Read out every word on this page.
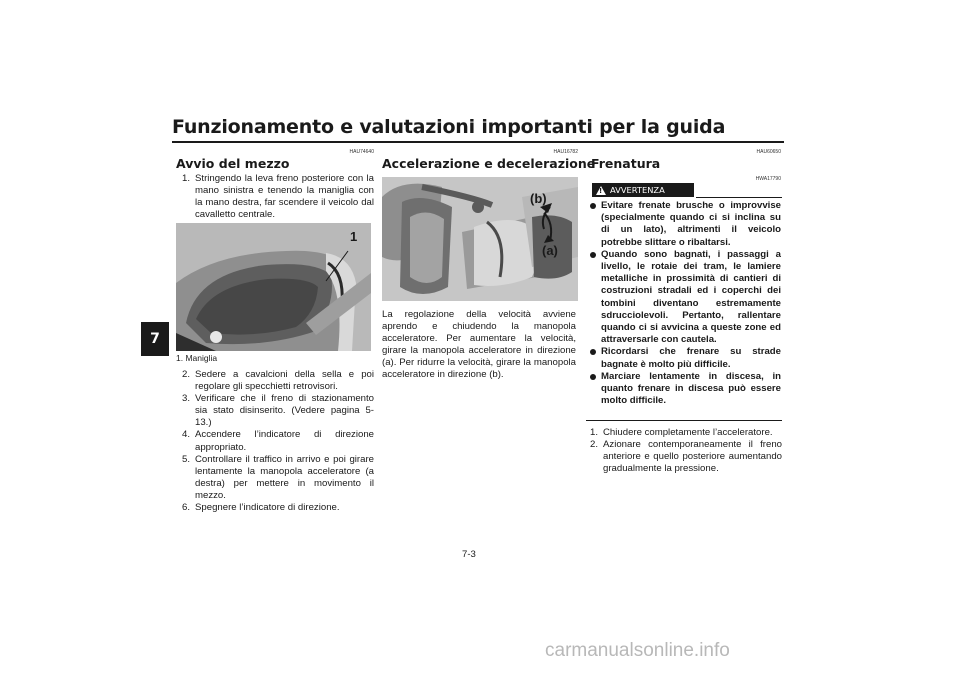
Funzionamento e valutazioni importanti per la guida
7
HAU74640
Avvio del mezzo
1. Stringendo la leva freno posteriore con la mano sinistra e tenendo la maniglia con la mano destra, far scendere il veicolo dal cavalletto centrale.
1
1. Maniglia
2. Sedere a cavalcioni della sella e poi regolare gli specchietti retrovisori.
3. Verificare che il freno di stazionamento sia stato disinserito. (Vedere pagina 5-13.)
4. Accendere l’indicatore di direzione appropriato.
5. Controllare il traffico in arrivo e poi girare lentamente la manopola acceleratore (a destra) per mettere in movimento il mezzo.
6. Spegnere l’indicatore di direzione.
HAU16782
Accelerazione e decelerazione
(b)
(a)
La regolazione della velocità avviene aprendo e chiudendo la manopola acceleratore. Per aumentare la velocità, girare la manopola acceleratore in direzione (a). Per ridurre la velocità, girare la manopola acceleratore in direzione (b).
HAU60650
Frenatura
! AVVERTENZA
HWA17790
Evitare frenate brusche o improvvise (specialmente quando ci si inclina su di un lato), altrimenti il veicolo potrebbe slittare o ribaltarsi.
Quando sono bagnati, i passaggi a livello, le rotaie dei tram, le lamiere metalliche in prossimità di cantieri di costruzioni stradali ed i coperchi dei tombini diventano estremamente sdrucciolevoli. Pertanto, rallentare quando ci si avvicina a queste zone ed attraversarle con cautela.
Ricordarsi che frenare su strade bagnate è molto più difficile.
Marciare lentamente in discesa, in quanto frenare in discesa può essere molto difficile.
1. Chiudere completamente l’acceleratore.
2. Azionare contemporaneamente il freno anteriore e quello posteriore aumentando gradualmente la pressione.
7-3
carmanualsonline.info
